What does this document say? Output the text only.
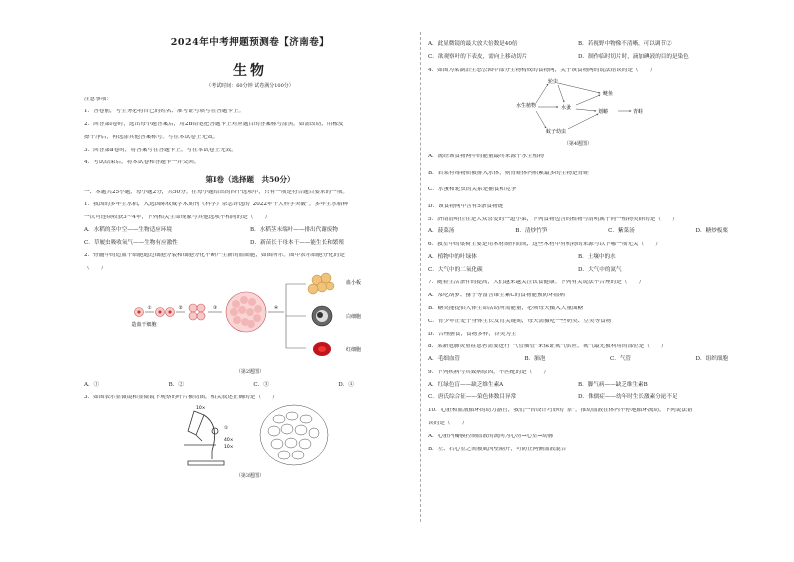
2024年中考押题预测卷【济南卷】
生物
（考试时间：60分钟 试卷满分100分）
注意事项：
1．答卷前，考生务必将自己的姓名、准考证号填写在答题卡上。
2．回答第Ⅰ卷时，选出每小题答案后，用2B铅笔把答题卡上对应题目的答案标号涂黑。如需改动，用橡皮
擦干净后，再选涂其他答案标号。写在本试卷上无效。
3．回答第Ⅱ卷时，将答案写在答题卡上。写在本试卷上无效。
4．考试结束后，将本试卷和答题卡一并交回。
第Ⅰ卷（选择题　共50分）
一、本题共25小题，每小题2分，共50分。在每小题给出的四个选项中，只有一项是符合题目要求的一项。
1．我国的多年生水稻，入选国际权威学术期刊《科学》杂志评选的“2022年十大科学突破”。多年生水稻种
一次可连续收获3～4年，下列相关生命现象与其他选项不相同的是（　　）
A．水稻的茎中空——生物适应环境	B．水稻茎末端叶——排出代谢废物
C．草履虫吸收氧气——生物有应激性	D．新苗长于母本干——能生长和繁殖
2．骨髓中的造血干细胞通过细胞分裂和细胞分化不断产生新的血细胞，如图所示。图中表示细胞分化的是
（　　）
①	②	③	④
血小板
白细胞
红细胞
造血干细胞
（第2题图）
A．①	B．②	C．③	D．④
3．如图表示显微镜和显微镜下观察的叶片横切图，相关叙述正确的是（　　）
10×
①
40×
10×
（第3题图）
A．此显微镜的最大放大倍数是40倍	B．若视野中物像不清晰，可以调节②
C．欲观察叶的下表皮，需向上移动切片	D．制作临时切片时，滴加碘液的目的是染色
4．如图为某湖泊生态公园中部分生物构成的食物网，关于该食物网的说法错误的是（　　）
轮虫
鲢鱼
水生植物	水蚤
划蝽	青蛙
蚊子幼虫
（第4题图）
A．流经该食物网中的能量最终来源于水生植物
B．若某有毒物质被排入水体，则青蛙体内积累最多的生物是青蛙
C．水蚤和轮虫的关系是捕食和竞争
D．该食物网中含有5条食物链
5．济南清明往往是大众喜爱的一道小菜，下列食物包含的植物与清明属于同一植物类群的是（　　）
A．菠菜汤	B．清炒竹笋	C．紫菜汤	D．糖炒板栗
6．教室中的桌椅主要是用木材制作而成，这些木材中有机物的来源与以下哪一项无关（　　）
A．植物中的叶绿体	B．土壤中的水
C．大气中的二氧化碳	D．大气中的氮气
7．随着生活条件的提高，人们越来越关注饮食健康。下列有关说法不合理的是（　　）
A．常吃胡萝、猕子等富含维生素C的食物能预防坏血病
B．糖类能提供人体生命活动所需能量，必须每天摄入大量面糖
C．青少年正处于身体生长发育关键期，每天需摄吃一些奶类、豆类等食物
D．合理膳食，食物多样，谷类为主
8．某新冠肺炎重症患者需要进行“气管插管”来保证氧气供应，氧气最先被利用的部位是（　　）
A．毛细血管	B．肺泡	C．气管	D．组织细胞
9．下列疾病与其致病原因，不匹配的是（　　）
A．红绿色盲——缺乏维生素A	B．脚气病——缺乏维生素B
C．唐氏综合征——染色体数目异常	D．侏儒症——幼年时生长激素分泌不足
10．心脏和血液循环的动力器官，我们一台设计巧妙的“泵”，推动血液在体内不停地循环流动。下列说法错
误的是（　　）
A．心脏内瓣膜控制血液的流向为心房→心室→动脉
B．左、右心室之间被肌肉壁隔开，可防止两侧血液混合
